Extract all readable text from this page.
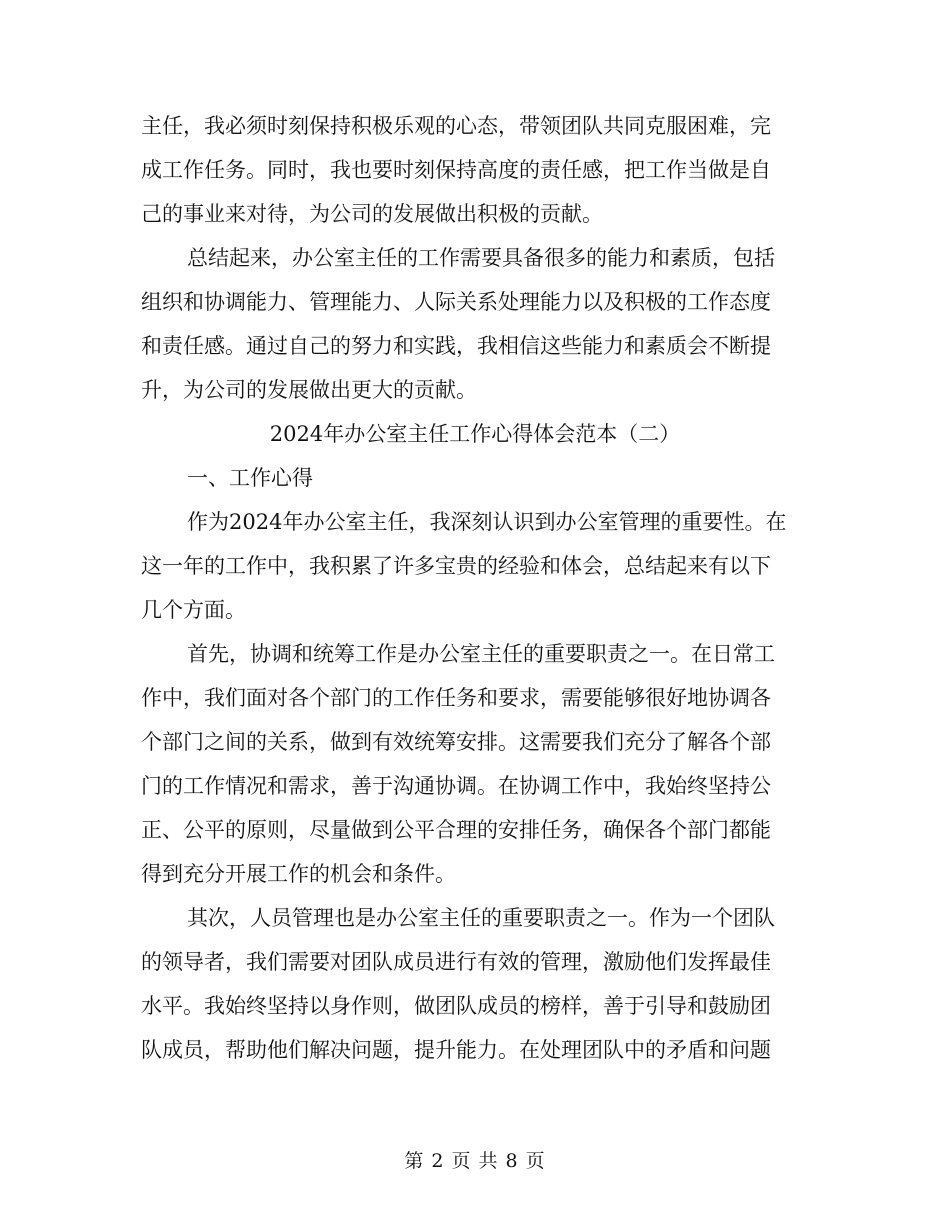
主任，我必须时刻保持积极乐观的心态，带领团队共同克服困难，完
成工作任务。同时，我也要时刻保持高度的责任感，把工作当做是自
己的事业来对待，为公司的发展做出积极的贡献。
总结起来，办公室主任的工作需要具备很多的能力和素质，包括
组织和协调能力、管理能力、人际关系处理能力以及积极的工作态度
和责任感。通过自己的努力和实践，我相信这些能力和素质会不断提
升，为公司的发展做出更大的贡献。
2024年办公室主任工作心得体会范本（二）
一、工作心得
作为2024年办公室主任，我深刻认识到办公室管理的重要性。在
这一年的工作中，我积累了许多宝贵的经验和体会，总结起来有以下
几个方面。
首先，协调和统筹工作是办公室主任的重要职责之一。在日常工
作中，我们面对各个部门的工作任务和要求，需要能够很好地协调各
个部门之间的关系，做到有效统筹安排。这需要我们充分了解各个部
门的工作情况和需求，善于沟通协调。在协调工作中，我始终坚持公
正、公平的原则，尽量做到公平合理的安排任务，确保各个部门都能
得到充分开展工作的机会和条件。
其次，人员管理也是办公室主任的重要职责之一。作为一个团队
的领导者，我们需要对团队成员进行有效的管理，激励他们发挥最佳
水平。我始终坚持以身作则，做团队成员的榜样，善于引导和鼓励团
队成员，帮助他们解决问题，提升能力。在处理团队中的矛盾和问题
第 2 页 共 8 页
